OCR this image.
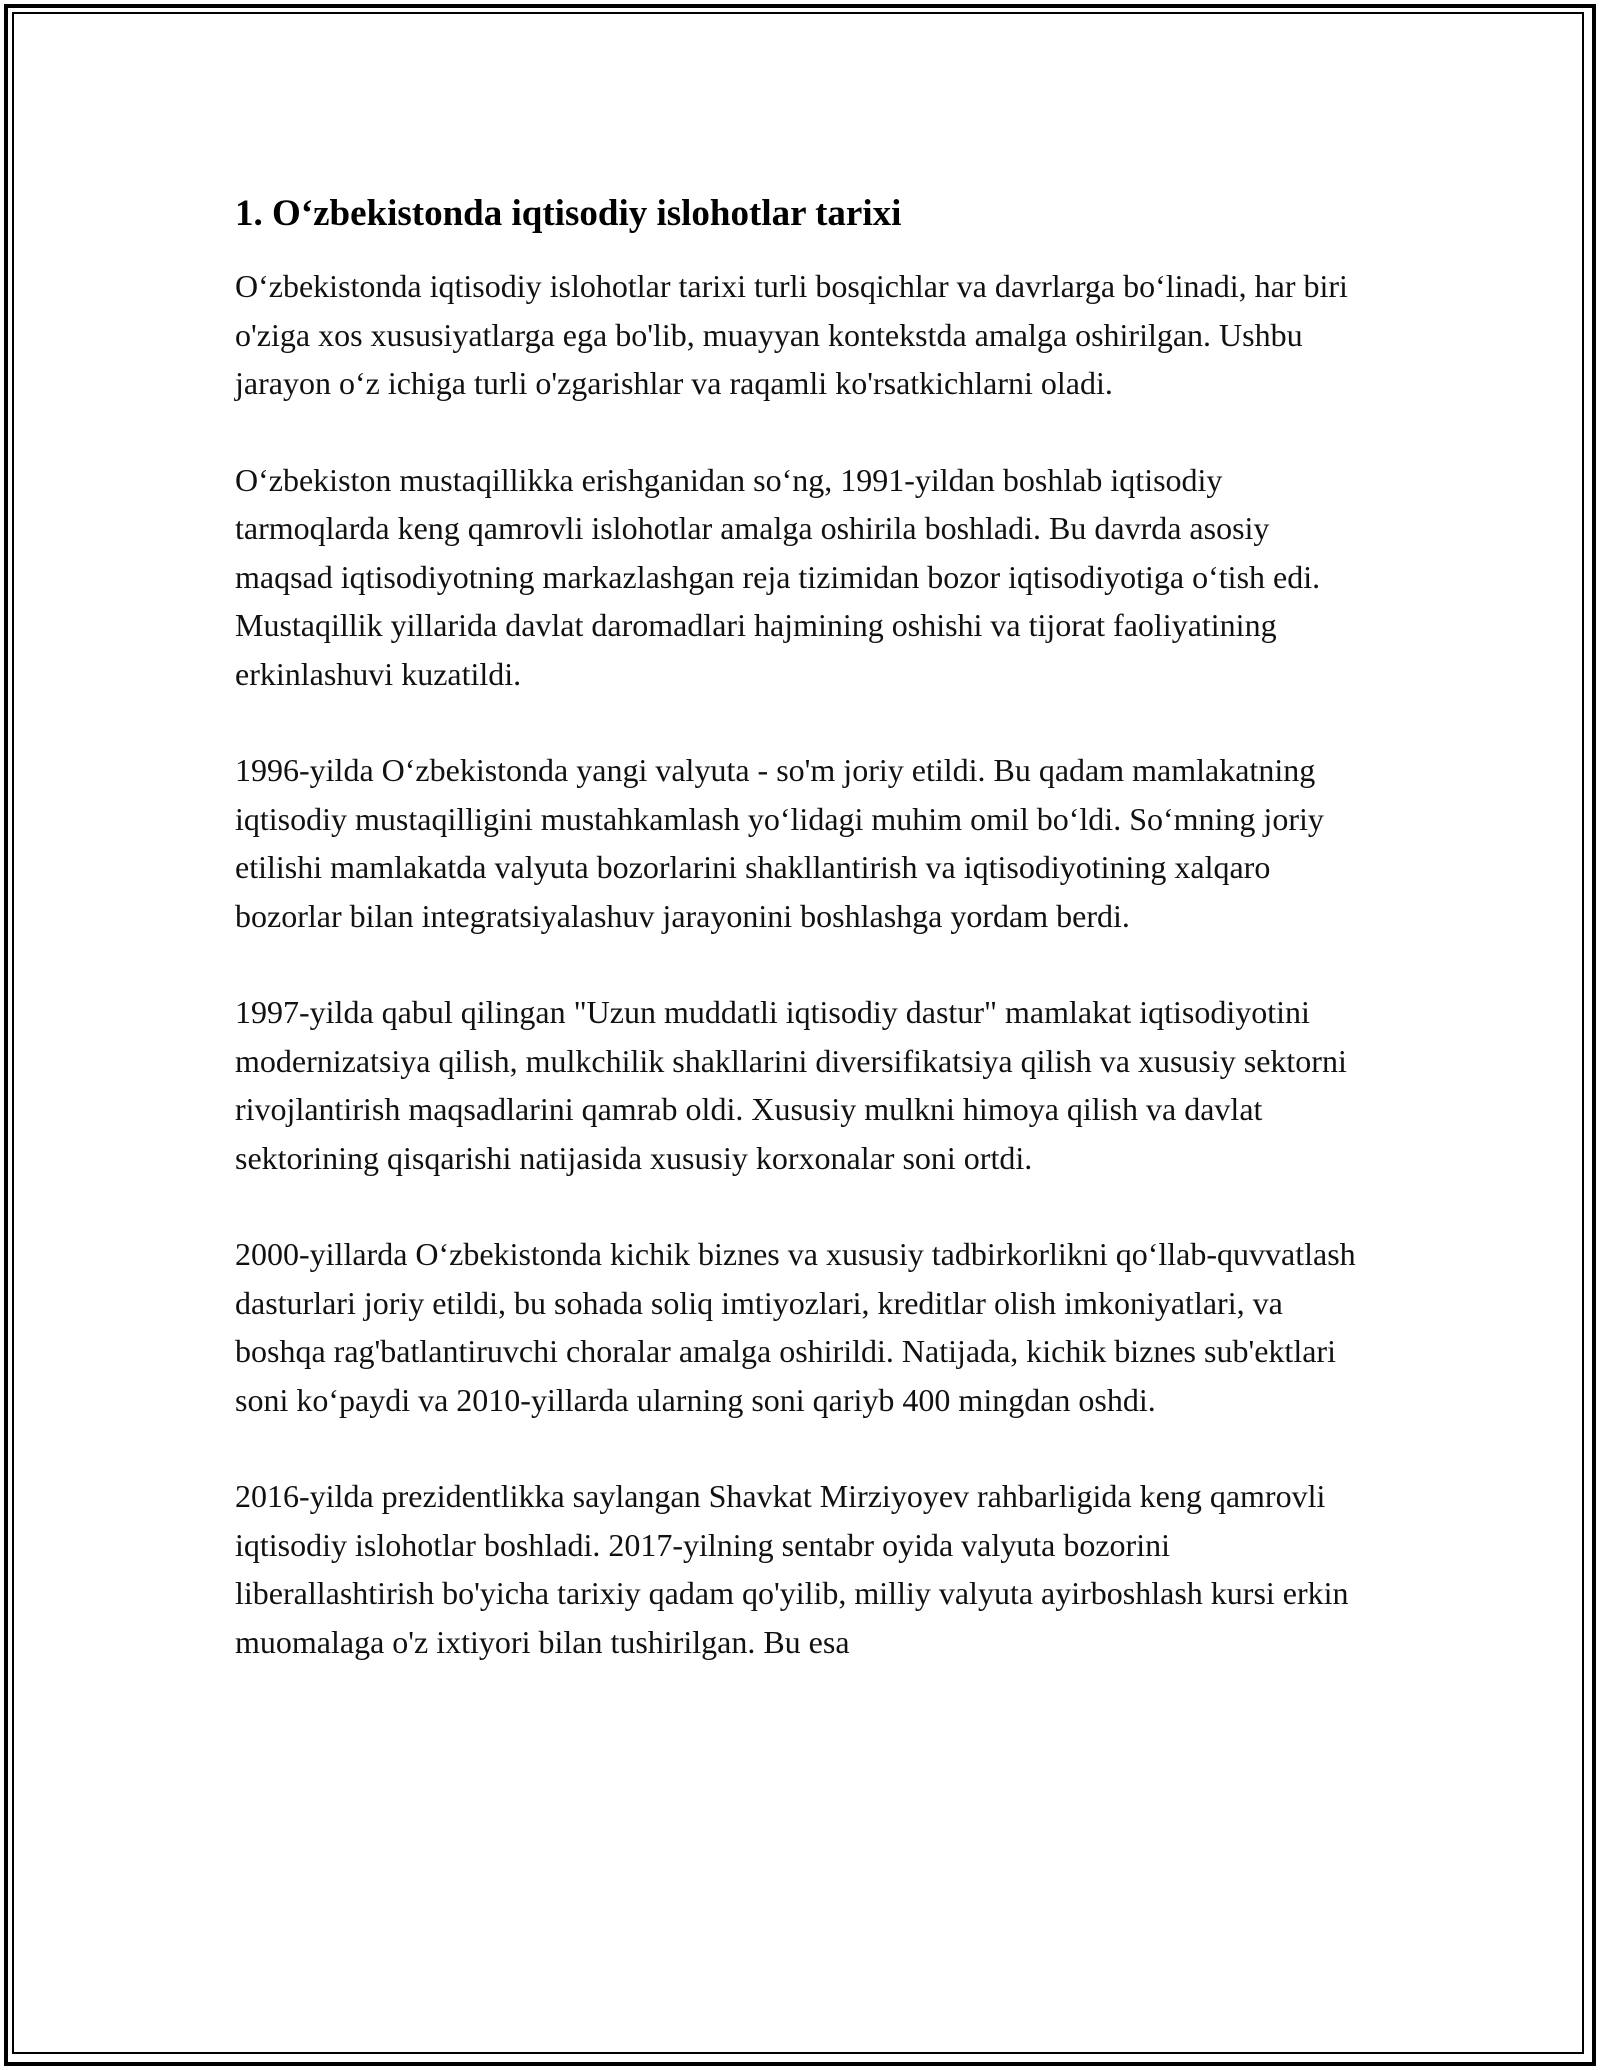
1. O‘zbekistonda iqtisodiy islohotlar tarixi

O‘zbekistonda iqtisodiy islohotlar tarixi turli bosqichlar va davrlarga bo‘linadi, har biri o'ziga xos xususiyatlarga ega bo'lib, muayyan kontekstda amalga oshirilgan. Ushbu jarayon o‘z ichiga turli o'zgarishlar va raqamli ko'rsatkichlarni oladi.

O‘zbekiston mustaqillikka erishganidan so‘ng, 1991-yildan boshlab iqtisodiy tarmoqlarda keng qamrovli islohotlar amalga oshirila boshladi. Bu davrda asosiy maqsad iqtisodiyotning markazlashgan reja tizimidan bozor iqtisodiyotiga o‘tish edi. Mustaqillik yillarida davlat daromadlari hajmining oshishi va tijorat faoliyatining erkinlashuvi kuzatildi.

1996-yilda O‘zbekistonda yangi valyuta - so'm joriy etildi. Bu qadam mamlakatning iqtisodiy mustaqilligini mustahkamlash yo‘lidagi muhim omil bo‘ldi. So‘mning joriy etilishi mamlakatda valyuta bozorlarini shakllantirish va iqtisodiyotining xalqaro bozorlar bilan integratsiyalashuv jarayonini boshlashga yordam berdi.

1997-yilda qabul qilingan "Uzun muddatli iqtisodiy dastur" mamlakat iqtisodiyotini modernizatsiya qilish, mulkchilik shakllarini diversifikatsiya qilish va xususiy sektorni rivojlantirish maqsadlarini qamrab oldi. Xususiy mulkni himoya qilish va davlat sektorining qisqarishi natijasida xususiy korxonalar soni ortdi.

2000-yillarda O‘zbekistonda kichik biznes va xususiy tadbirkorlikni qo‘llab-quvvatlash dasturlari joriy etildi, bu sohada soliq imtiyozlari, kreditlar olish imkoniyatlari, va boshqa rag'batlantiruvchi choralar amalga oshirildi. Natijada, kichik biznes sub'ektlari soni ko‘paydi va 2010-yillarda ularning soni qariyb 400 mingdan oshdi.

2016-yilda prezidentlikka saylangan Shavkat Mirziyoyev rahbarligida keng qamrovli iqtisodiy islohotlar boshladi. 2017-yilning sentabr oyida valyuta bozorini liberallashtirish bo'yicha tarixiy qadam qo'yilib, milliy valyuta ayirboshlash kursi erkin muomalaga o'z ixtiyori bilan tushirilgan. Bu esa
